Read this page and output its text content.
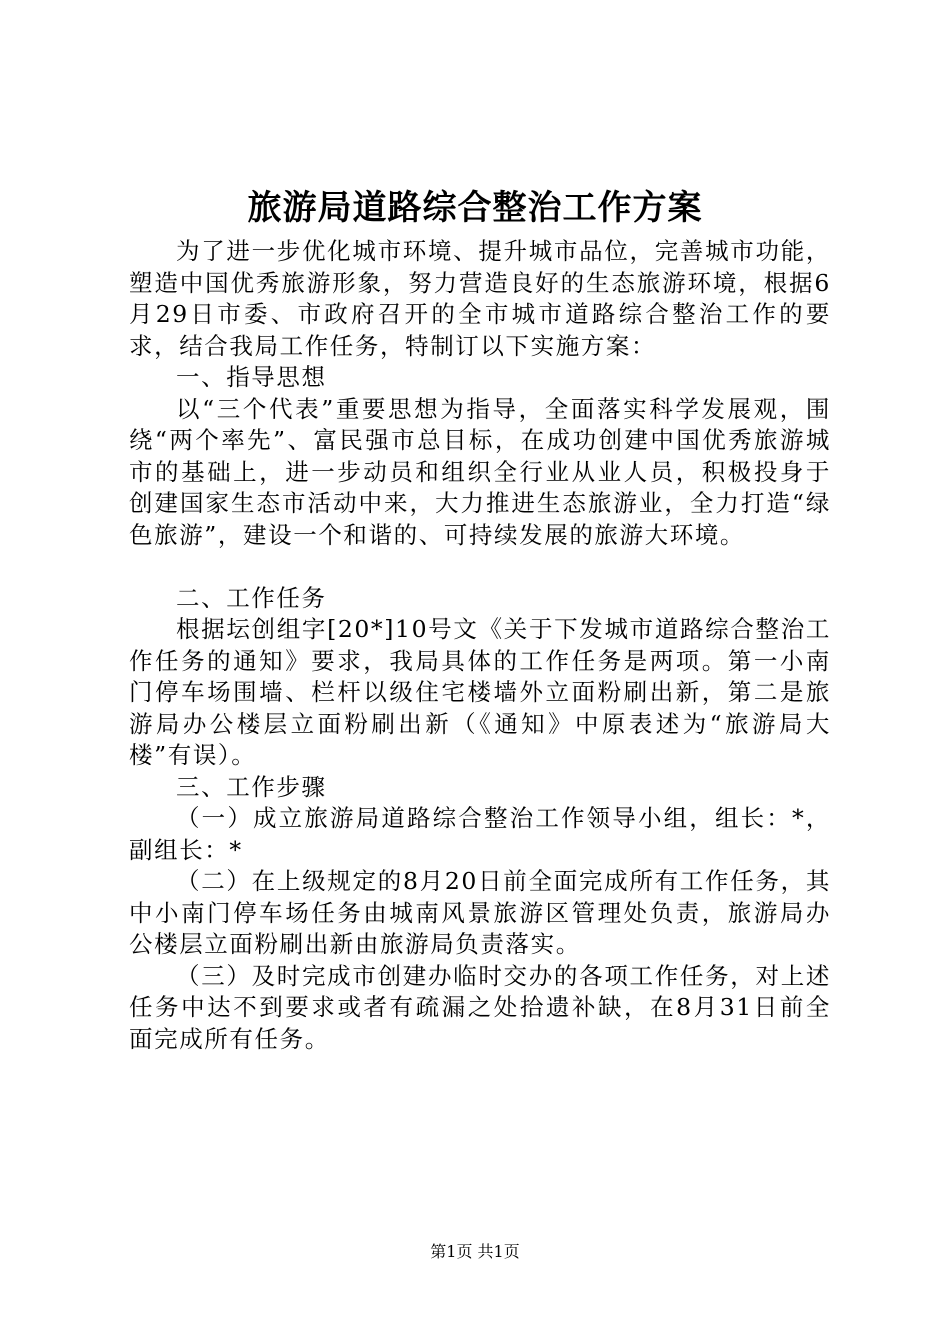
旅游局道路综合整治工作方案

为了进一步优化城市环境、提升城市品位，完善城市功能，塑造中国优秀旅游形象，努力营造良好的生态旅游环境，根据6月29日市委、市政府召开的全市城市道路综合整治工作的要求，结合我局工作任务，特制订以下实施方案：

一、指导思想

以“三个代表”重要思想为指导，全面落实科学发展观，围绕“两个率先”、富民强市总目标，在成功创建中国优秀旅游城市的基础上，进一步动员和组织全行业从业人员，积极投身于创建国家生态市活动中来，大力推进生态旅游业，全力打造“绿色旅游”，建设一个和谐的、可持续发展的旅游大环境。

二、工作任务

根据坛创组字[20*]10号文《关于下发城市道路综合整治工作任务的通知》要求，我局具体的工作任务是两项。第一小南门停车场围墙、栏杆以级住宅楼墙外立面粉刷出新，第二是旅游局办公楼层立面粉刷出新（《通知》中原表述为“旅游局大楼”有误）。

三、工作步骤

（一）成立旅游局道路综合整治工作领导小组，组长：*，副组长：*

（二）在上级规定的8月20日前全面完成所有工作任务，其中小南门停车场任务由城南风景旅游区管理处负责，旅游局办公楼层立面粉刷出新由旅游局负责落实。

（三）及时完成市创建办临时交办的各项工作任务，对上述任务中达不到要求或者有疏漏之处拾遗补缺，在8月31日前全面完成所有任务。

第1页 共1页
